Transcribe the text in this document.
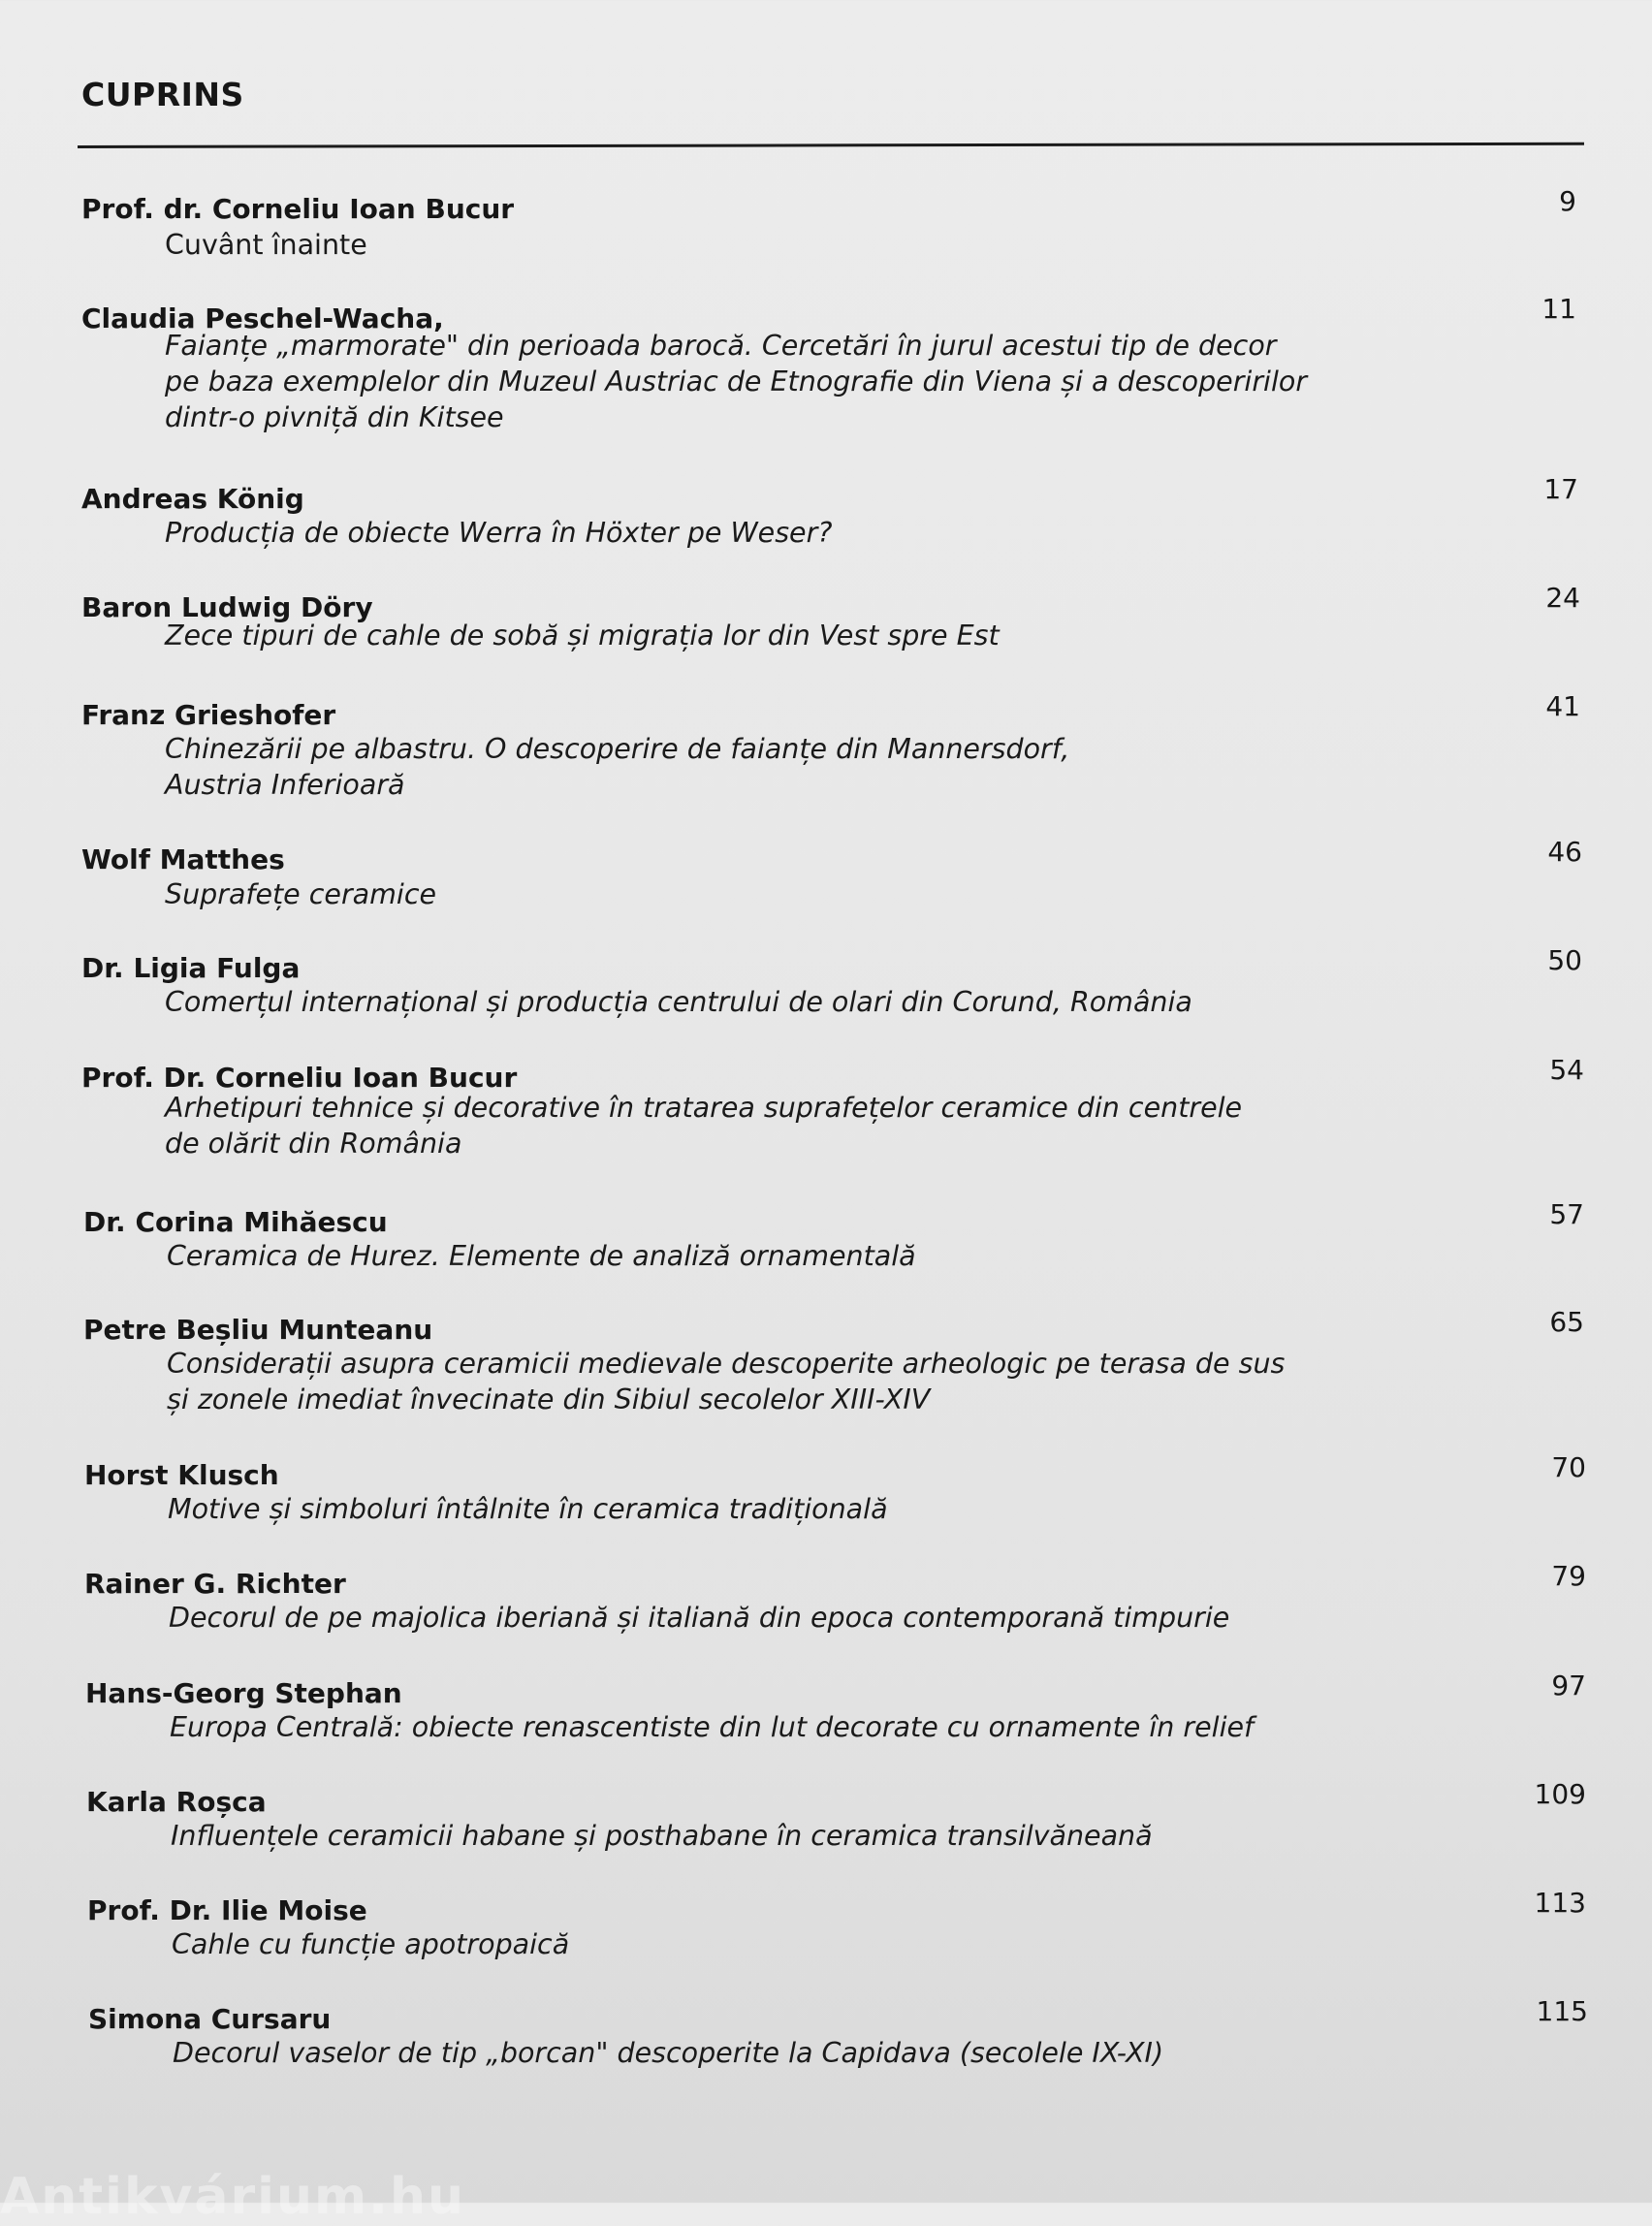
CUPRINS
Prof. dr. Corneliu Ioan Bucur	9
Cuvânt înainte
Claudia Peschel-Wacha,	11
Faianțe „marmorate" din perioada barocă. Cercetări în jurul acestui tip de decor
pe baza exemplelor din Muzeul Austriac de Etnografie din Viena și a descoperirilor
dintr-o pivniță din Kitsee
Andreas König	17
Producția de obiecte Werra în Höxter pe Weser?
Baron Ludwig Döry	24
Zece tipuri de cahle de sobă și migrația lor din Vest spre Est
Franz Grieshofer	41
Chinezării pe albastru. O descoperire de faianțe din Mannersdorf,
Austria Inferioară
Wolf Matthes	46
Suprafețe ceramice
Dr. Ligia Fulga	50
Comerțul internațional și producția centrului de olari din Corund, România
Prof. Dr. Corneliu Ioan Bucur	54
Arhetipuri tehnice și decorative în tratarea suprafețelor ceramice din centrele
de olărit din România
Dr. Corina Mihăescu	57
Ceramica de Hurez. Elemente de analiză ornamentală
Petre Beșliu Munteanu	65
Considerații asupra ceramicii medievale descoperite arheologic pe terasa de sus
și zonele imediat învecinate din Sibiul secolelor XIII-XIV
Horst Klusch	70
Motive și simboluri întâlnite în ceramica tradițională
Rainer G. Richter	79
Decorul de pe majolica iberiană și italiană din epoca contemporană timpurie
Hans-Georg Stephan	97
Europa Centrală: obiecte renascentiste din lut decorate cu ornamente în relief
Karla Roșca	109
Influențele ceramicii habane și posthabane în ceramica transilvăneană
Prof. Dr. Ilie Moise	113
Cahle cu funcție apotropaică
Simona Cursaru	115
Decorul vaselor de tip „borcan" descoperite la Capidava (secolele IX-XI)
Antikvárium.hu
